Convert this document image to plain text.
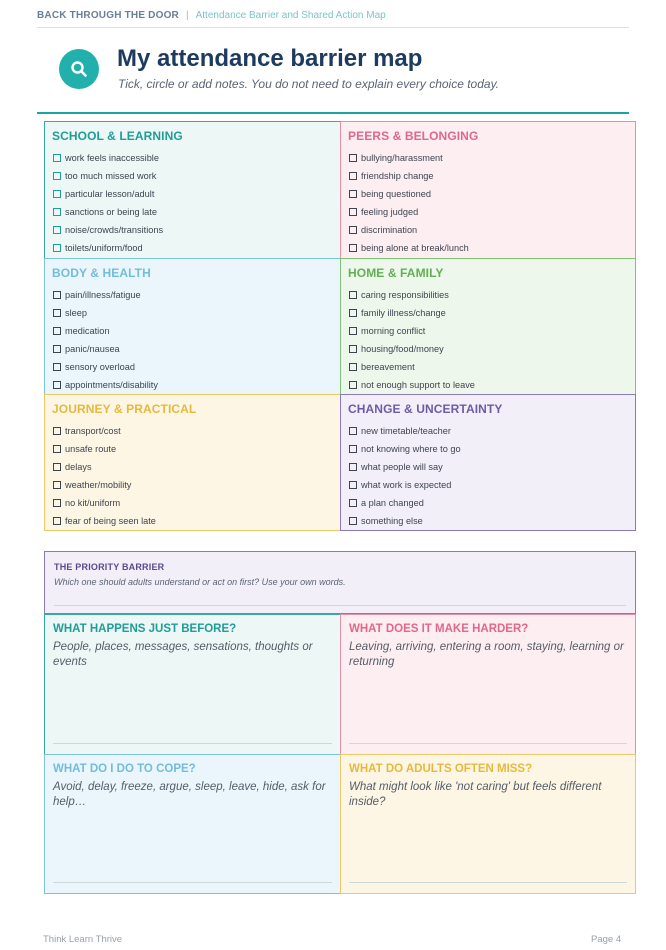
BACK THROUGH THE DOOR | Attendance Barrier and Shared Action Map
My attendance barrier map
Tick, circle or add notes. You do not need to explain every choice today.
SCHOOL & LEARNING
work feels inaccessible
too much missed work
particular lesson/adult
sanctions or being late
noise/crowds/transitions
toilets/uniform/food
PEERS & BELONGING
bullying/harassment
friendship change
being questioned
feeling judged
discrimination
being alone at break/lunch
BODY & HEALTH
pain/illness/fatigue
sleep
medication
panic/nausea
sensory overload
appointments/disability
HOME & FAMILY
caring responsibilities
family illness/change
morning conflict
housing/food/money
bereavement
not enough support to leave
JOURNEY & PRACTICAL
transport/cost
unsafe route
delays
weather/mobility
no kit/uniform
fear of being seen late
CHANGE & UNCERTAINTY
new timetable/teacher
not knowing where to go
what people will say
what work is expected
a plan changed
something else
THE PRIORITY BARRIER
Which one should adults understand or act on first? Use your own words.
WHAT HAPPENS JUST BEFORE?
People, places, messages, sensations, thoughts or events
WHAT DOES IT MAKE HARDER?
Leaving, arriving, entering a room, staying, learning or returning
WHAT DO I DO TO COPE?
Avoid, delay, freeze, argue, sleep, leave, hide, ask for help…
WHAT DO ADULTS OFTEN MISS?
What might look like 'not caring' but feels different inside?
Think Learn Thrive	Page 4
